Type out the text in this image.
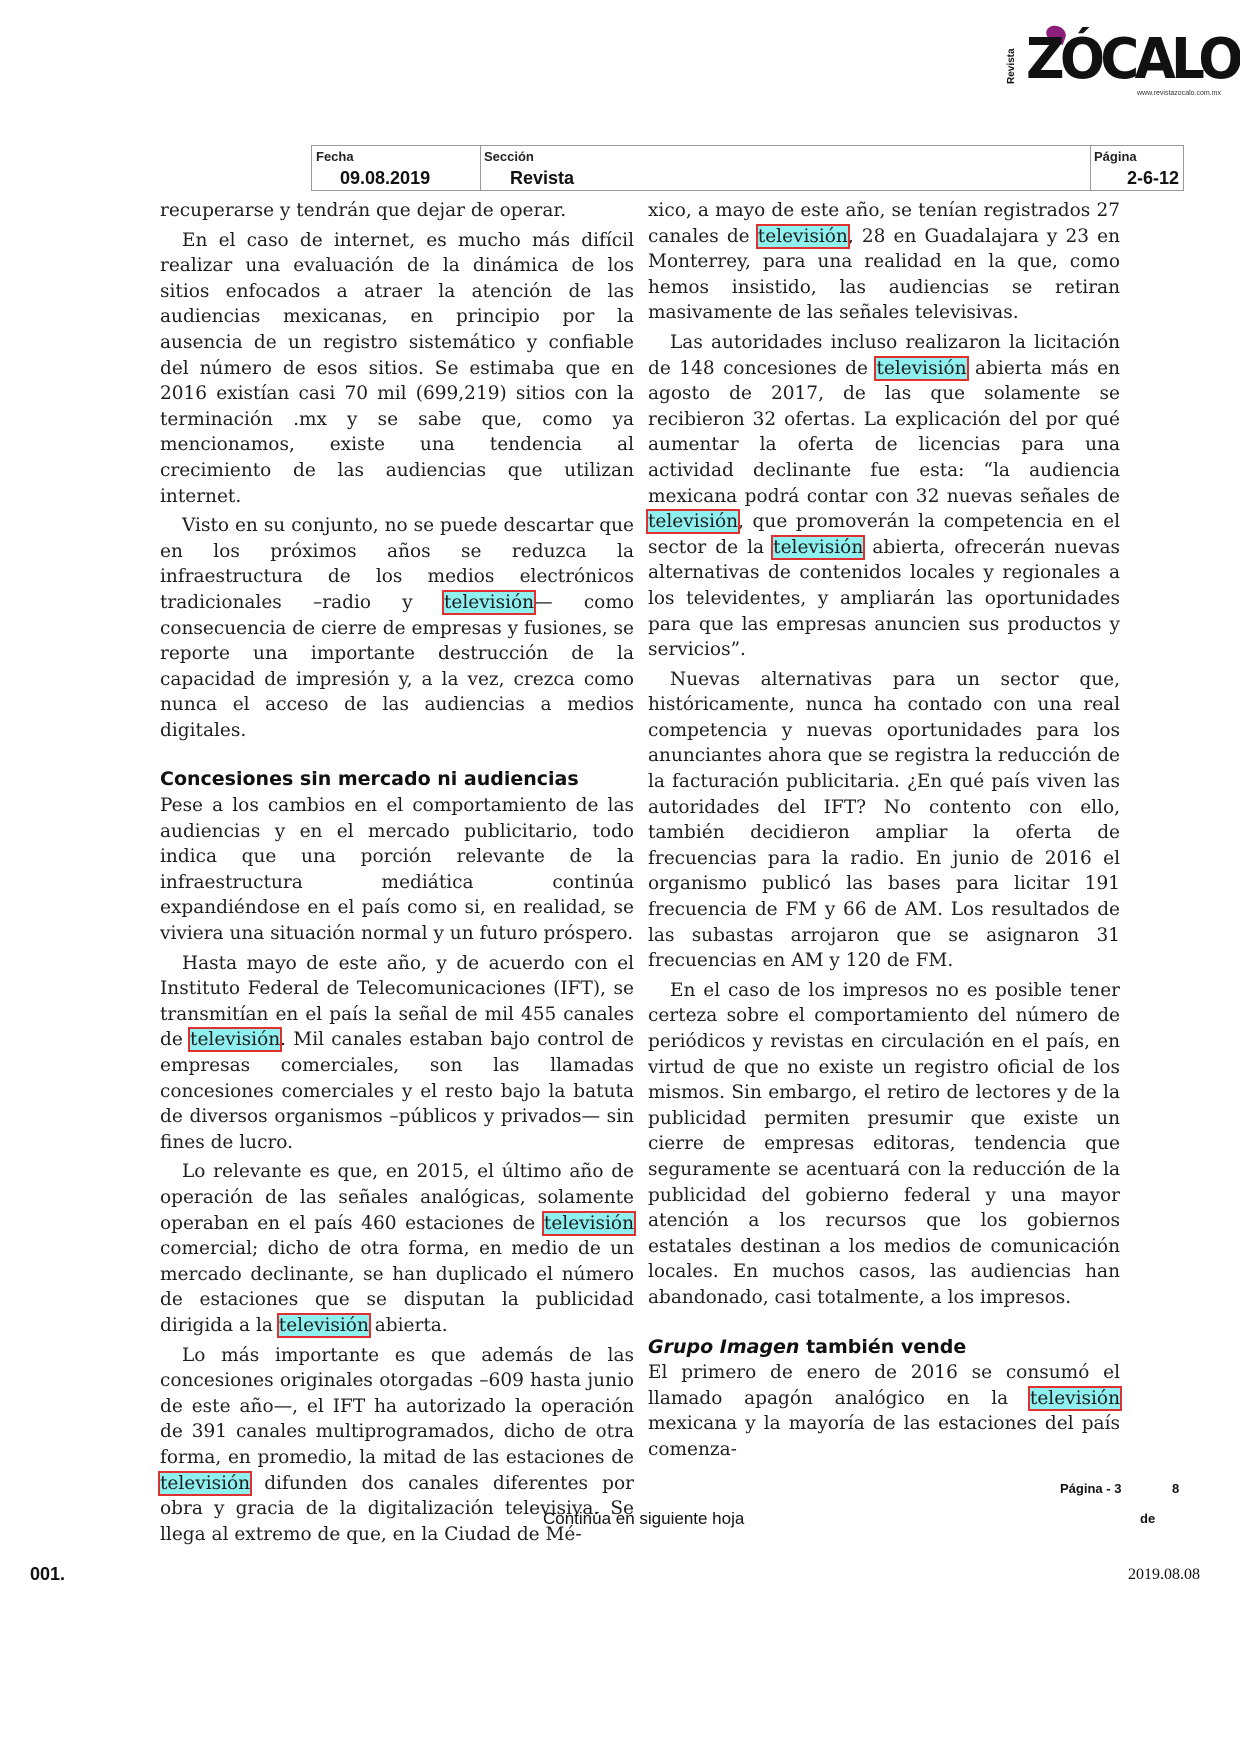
ZÓCALO
Revista
www.revistazocalo.com.mx
Fecha
09.08.2019
Sección
Revista
Página
2-6-12

recuperarse y tendrán que dejar de operar.

En el caso de internet, es mucho más difícil realizar una evaluación de la dinámica de los sitios enfocados a atraer la atención de las audiencias mexicanas, en principio por la ausencia de un registro sistemático y confiable del número de esos sitios. Se estimaba que en 2016 existían casi 70 mil (699,219) sitios con la terminación .mx y se sabe que, como ya mencionamos, existe una tendencia al crecimiento de las audiencias que utilizan internet.

Visto en su conjunto, no se puede descartar que en los próximos años se reduzca la infraestructura de los medios electrónicos tradicionales –radio y televisión— como consecuencia de cierre de empresas y fusiones, se reporte una importante destrucción de la capacidad de impresión y, a la vez, crezca como nunca el acceso de las audiencias a medios digitales.

Concesiones sin mercado ni audiencias

Pese a los cambios en el comportamiento de las audiencias y en el mercado publicitario, todo indica que una porción relevante de la infraestructura mediática continúa expandiéndose en el país como si, en realidad, se viviera una situación normal y un futuro próspero.

Hasta mayo de este año, y de acuerdo con el Instituto Federal de Telecomunicaciones (IFT), se transmitían en el país la señal de mil 455 canales de televisión. Mil canales estaban bajo control de empresas comerciales, son las llamadas concesiones comerciales y el resto bajo la batuta de diversos organismos –públicos y privados— sin fines de lucro.

Lo relevante es que, en 2015, el último año de operación de las señales analógicas, solamente operaban en el país 460 estaciones de televisión comercial; dicho de otra forma, en medio de un mercado declinante, se han duplicado el número de estaciones que se disputan la publicidad dirigida a la televisión abierta.

Lo más importante es que además de las concesiones originales otorgadas –609 hasta junio de este año—, el IFT ha autorizado la operación de 391 canales multiprogramados, dicho de otra forma, en promedio, la mitad de las estaciones de televisión difunden dos canales diferentes por obra y gracia de la digitalización televisiva. Se llega al extremo de que, en la Ciudad de Mé-

xico, a mayo de este año, se tenían registrados 27 canales de televisión, 28 en Guadalajara y 23 en Monterrey, para una realidad en la que, como hemos insistido, las audiencias se retiran masivamente de las señales televisivas.

Las autoridades incluso realizaron la licitación de 148 concesiones de televisión abierta más en agosto de 2017, de las que solamente se recibieron 32 ofertas. La explicación del por qué aumentar la oferta de licencias para una actividad declinante fue esta: “la audiencia mexicana podrá contar con 32 nuevas señales de televisión, que promoverán la competencia en el sector de la televisión abierta, ofrecerán nuevas alternativas de contenidos locales y regionales a los televidentes, y ampliarán las oportunidades para que las empresas anuncien sus productos y servicios”.

Nuevas alternativas para un sector que, históricamente, nunca ha contado con una real competencia y nuevas oportunidades para los anunciantes ahora que se registra la reducción de la facturación publicitaria. ¿En qué país viven las autoridades del IFT? No contento con ello, también decidieron ampliar la oferta de frecuencias para la radio. En junio de 2016 el organismo publicó las bases para licitar 191 frecuencia de FM y 66 de AM. Los resultados de las subastas arrojaron que se asignaron 31 frecuencias en AM y 120 de FM.

En el caso de los impresos no es posible tener certeza sobre el comportamiento del número de periódicos y revistas en circulación en el país, en virtud de que no existe un registro oficial de los mismos. Sin embargo, el retiro de lectores y de la publicidad permiten presumir que existe un cierre de empresas editoras, tendencia que seguramente se acentuará con la reducción de la publicidad del gobierno federal y una mayor atención a los recursos que los gobiernos estatales destinan a los medios de comunicación locales. En muchos casos, las audiencias han abandonado, casi totalmente, a los impresos.

Grupo Imagen también vende

El primero de enero de 2016 se consumó el llamado apagón analógico en la televisión mexicana y la mayoría de las estaciones del país comenza-

Página - 3	8
Continúa en siguiente hoja	de
001.	2019.08.08
